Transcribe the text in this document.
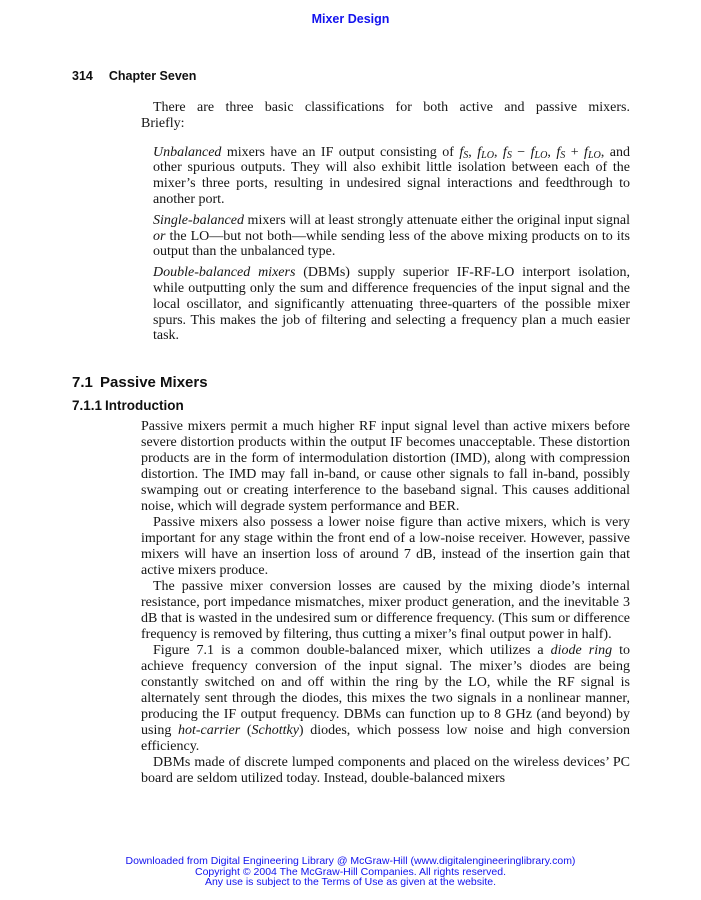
Mixer Design
314 Chapter Seven

There are three basic classifications for both active and passive mixers.
Briefly:

Unbalanced mixers have an IF output consisting of $f_S$, $f_{LO}$, $f_S - f_{LO}$, $f_S + f_{LO}$, and other spurious outputs. They will also exhibit little isolation between each of the mixer’s three ports, resulting in undesired signal interactions and feedthrough to another port.

Single-balanced mixers will at least strongly attenuate either the original input signal or the LO—but not both—while sending less of the above mixing products on to its output than the unbalanced type.

Double-balanced mixers (DBMs) supply superior IF-RF-LO interport isolation, while outputting only the sum and difference frequencies of the input signal and the local oscillator, and significantly attenuating three-quarters of the possible mixer spurs. This makes the job of filtering and selecting a frequency plan a much easier task.

7.1 Passive Mixers
7.1.1 Introduction

Passive mixers permit a much higher RF input signal level than active mixers before severe distortion products within the output IF becomes unacceptable. These distortion products are in the form of intermodulation distortion (IMD), along with compression distortion. The IMD may fall in-band, or cause other signals to fall in-band, possibly swamping out or creating interference to the baseband signal. This causes additional noise, which will degrade system performance and BER.

Passive mixers also possess a lower noise figure than active mixers, which is very important for any stage within the front end of a low-noise receiver. However, passive mixers will have an insertion loss of around 7 dB, instead of the insertion gain that active mixers produce.

The passive mixer conversion losses are caused by the mixing diode’s internal resistance, port impedance mismatches, mixer product generation, and the inevitable 3 dB that is wasted in the undesired sum or difference frequency. (This sum or difference frequency is removed by filtering, thus cutting a mixer’s final output power in half).

Figure 7.1 is a common double-balanced mixer, which utilizes a diode ring to achieve frequency conversion of the input signal. The mixer’s diodes are being constantly switched on and off within the ring by the LO, while the RF signal is alternately sent through the diodes, this mixes the two signals in a nonlinear manner, producing the IF output frequency. DBMs can function up to 8 GHz (and beyond) by using hot-carrier (Schottky) diodes, which possess low noise and high conversion efficiency.

DBMs made of discrete lumped components and placed on the wireless devices’ PC board are seldom utilized today. Instead, double-balanced mixers

Downloaded from Digital Engineering Library @ McGraw-Hill (www.digitalengineeringlibrary.com)
Copyright © 2004 The McGraw-Hill Companies. All rights reserved.
Any use is subject to the Terms of Use as given at the website.
